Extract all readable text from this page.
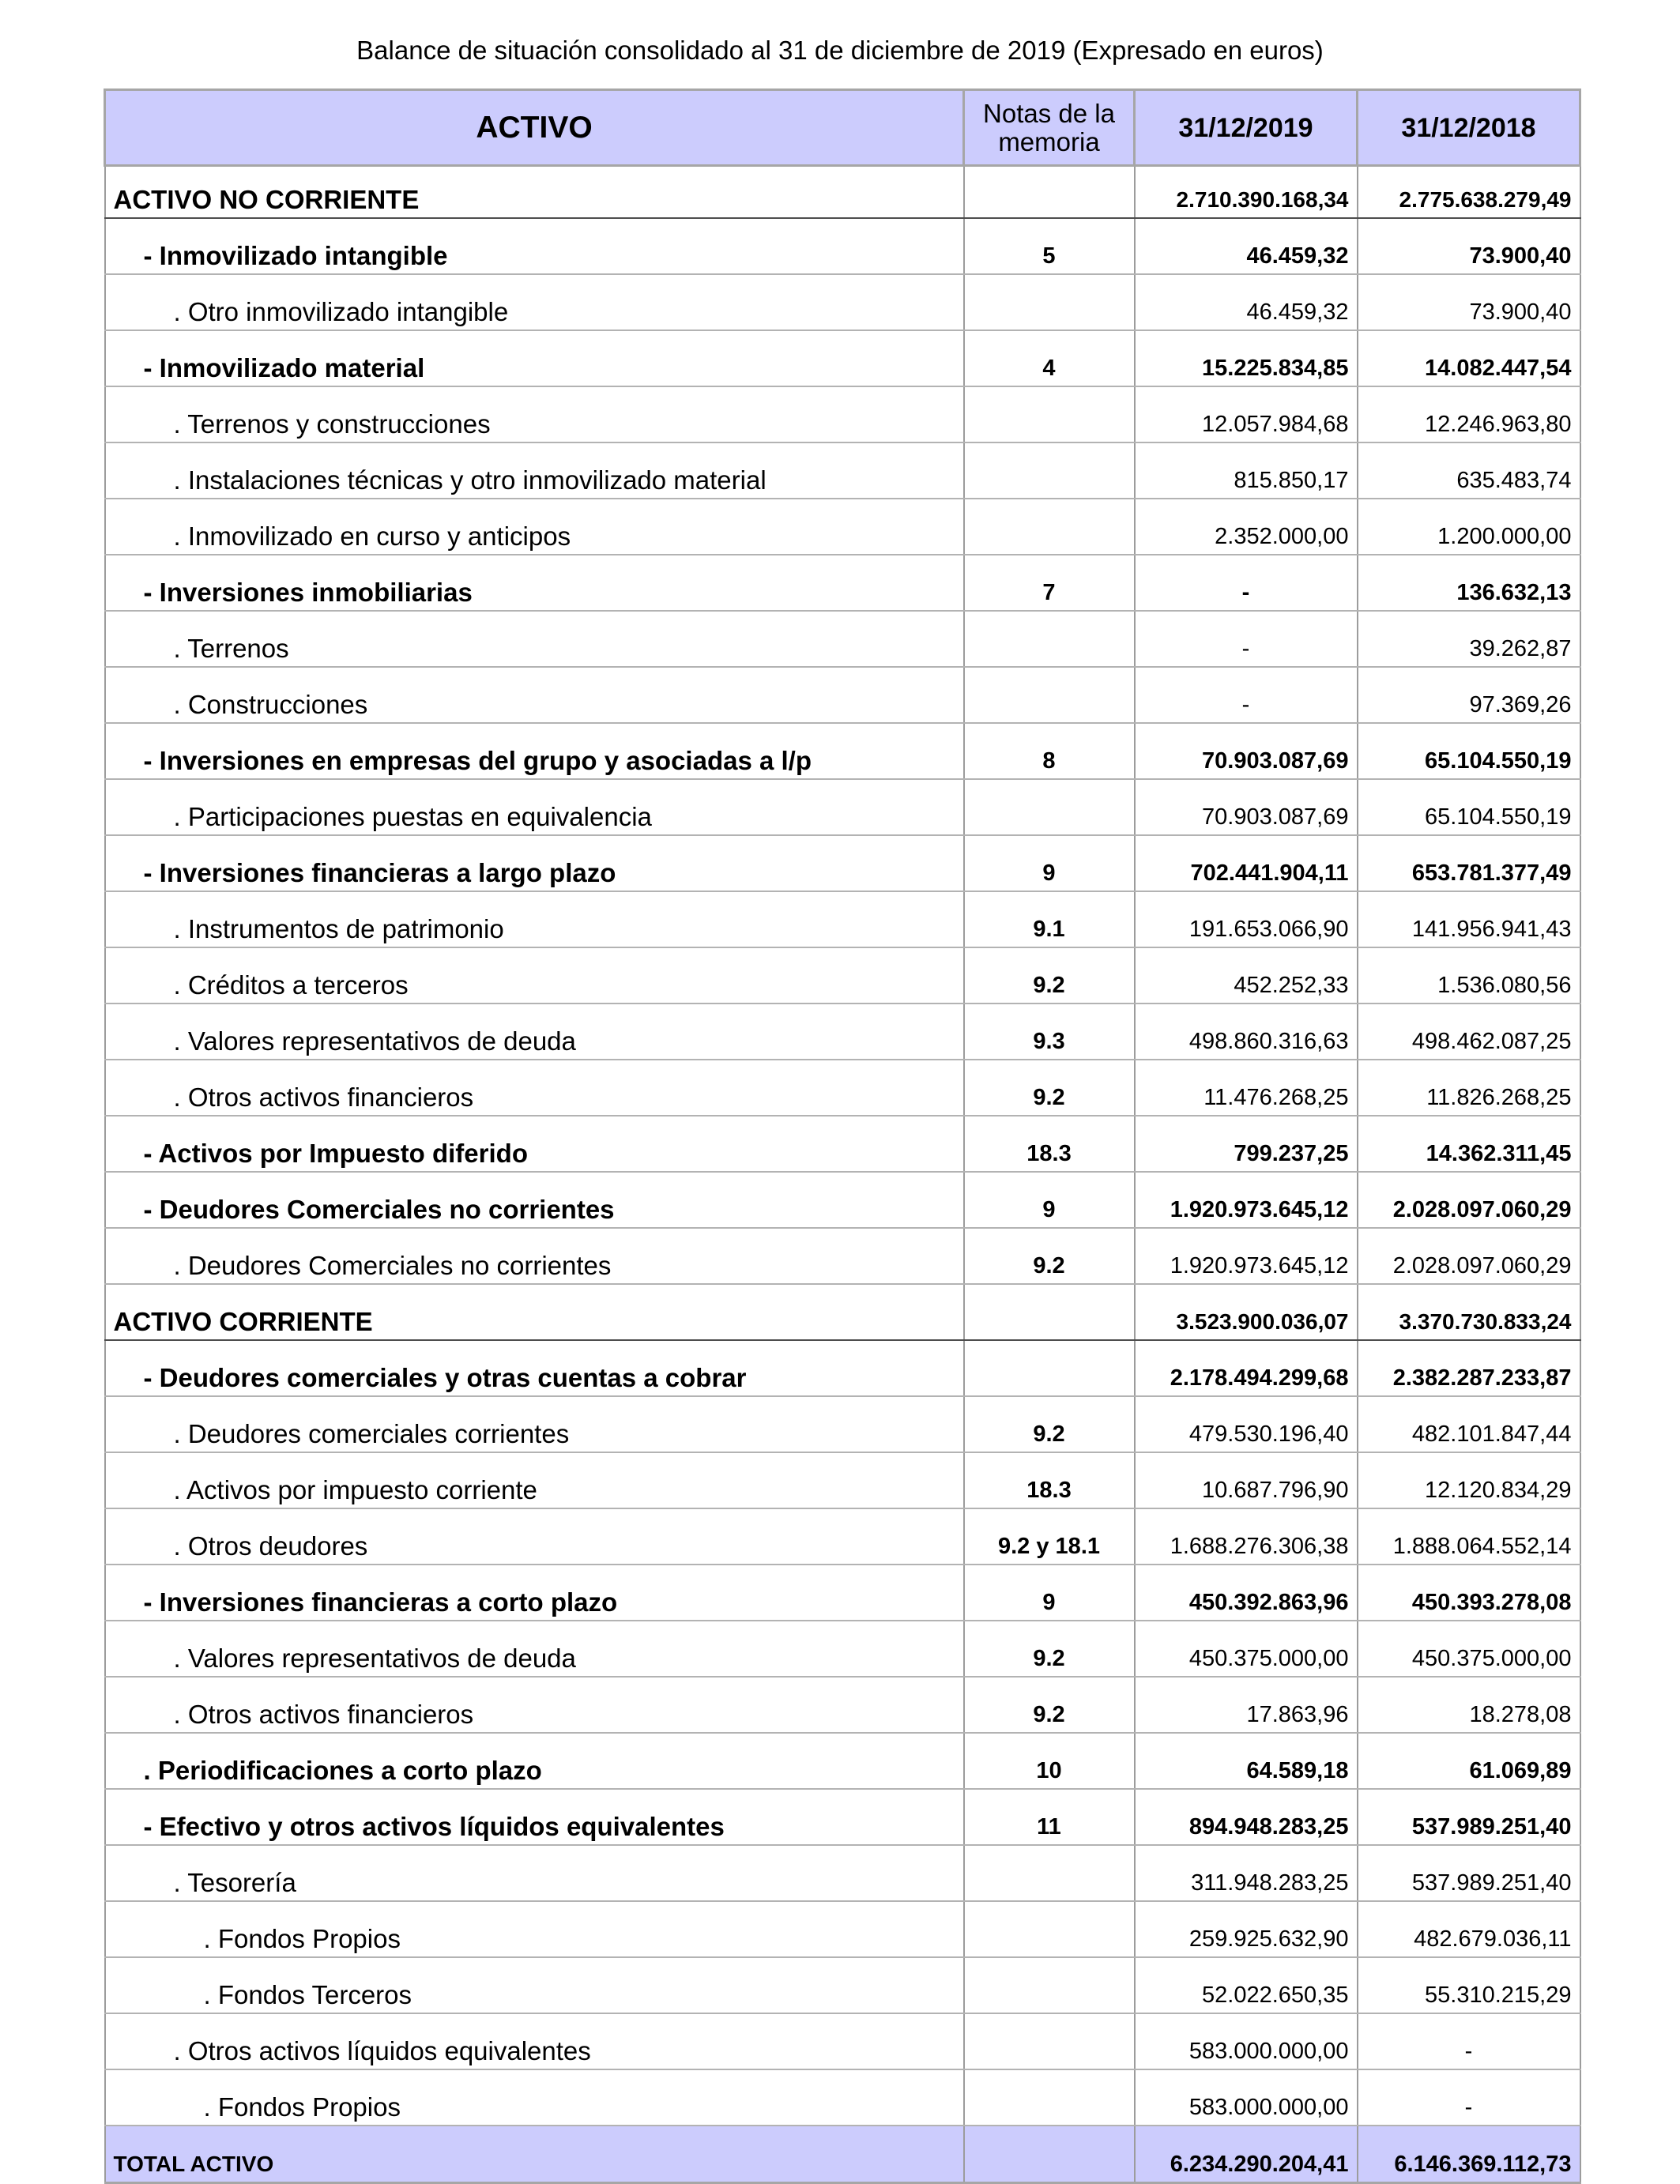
Balance de situación consolidado al 31 de diciembre de 2019 (Expresado en euros)
ACTIVO	Notas de la memoria	31/12/2019	31/12/2018
ACTIVO NO CORRIENTE		2.710.390.168,34	2.775.638.279,49
- Inmovilizado intangible	5	46.459,32	73.900,40
. Otro inmovilizado intangible		46.459,32	73.900,40
- Inmovilizado material	4	15.225.834,85	14.082.447,54
. Terrenos y construcciones		12.057.984,68	12.246.963,80
. Instalaciones técnicas y otro inmovilizado material		815.850,17	635.483,74
. Inmovilizado en curso y anticipos		2.352.000,00	1.200.000,00
- Inversiones inmobiliarias	7	-	136.632,13
. Terrenos		-	39.262,87
. Construcciones		-	97.369,26
- Inversiones en empresas del grupo y asociadas a l/p	8	70.903.087,69	65.104.550,19
. Participaciones puestas en equivalencia		70.903.087,69	65.104.550,19
- Inversiones financieras a largo plazo	9	702.441.904,11	653.781.377,49
. Instrumentos de patrimonio	9.1	191.653.066,90	141.956.941,43
. Créditos a terceros	9.2	452.252,33	1.536.080,56
. Valores representativos de deuda	9.3	498.860.316,63	498.462.087,25
. Otros activos financieros	9.2	11.476.268,25	11.826.268,25
- Activos por Impuesto diferido	18.3	799.237,25	14.362.311,45
- Deudores Comerciales no corrientes	9	1.920.973.645,12	2.028.097.060,29
. Deudores Comerciales no corrientes	9.2	1.920.973.645,12	2.028.097.060,29
ACTIVO CORRIENTE		3.523.900.036,07	3.370.730.833,24
- Deudores comerciales y otras cuentas a cobrar		2.178.494.299,68	2.382.287.233,87
. Deudores comerciales corrientes	9.2	479.530.196,40	482.101.847,44
. Activos por impuesto corriente	18.3	10.687.796,90	12.120.834,29
. Otros deudores	9.2 y 18.1	1.688.276.306,38	1.888.064.552,14
- Inversiones financieras a corto plazo	9	450.392.863,96	450.393.278,08
. Valores representativos de deuda	9.2	450.375.000,00	450.375.000,00
. Otros activos financieros	9.2	17.863,96	18.278,08
. Periodificaciones a corto plazo	10	64.589,18	61.069,89
- Efectivo y otros activos líquidos equivalentes	11	894.948.283,25	537.989.251,40
. Tesorería		311.948.283,25	537.989.251,40
. Fondos Propios		259.925.632,90	482.679.036,11
. Fondos Terceros		52.022.650,35	55.310.215,29
. Otros activos líquidos equivalentes		583.000.000,00	-
. Fondos Propios		583.000.000,00	-
TOTAL ACTIVO		6.234.290.204,41	6.146.369.112,73
